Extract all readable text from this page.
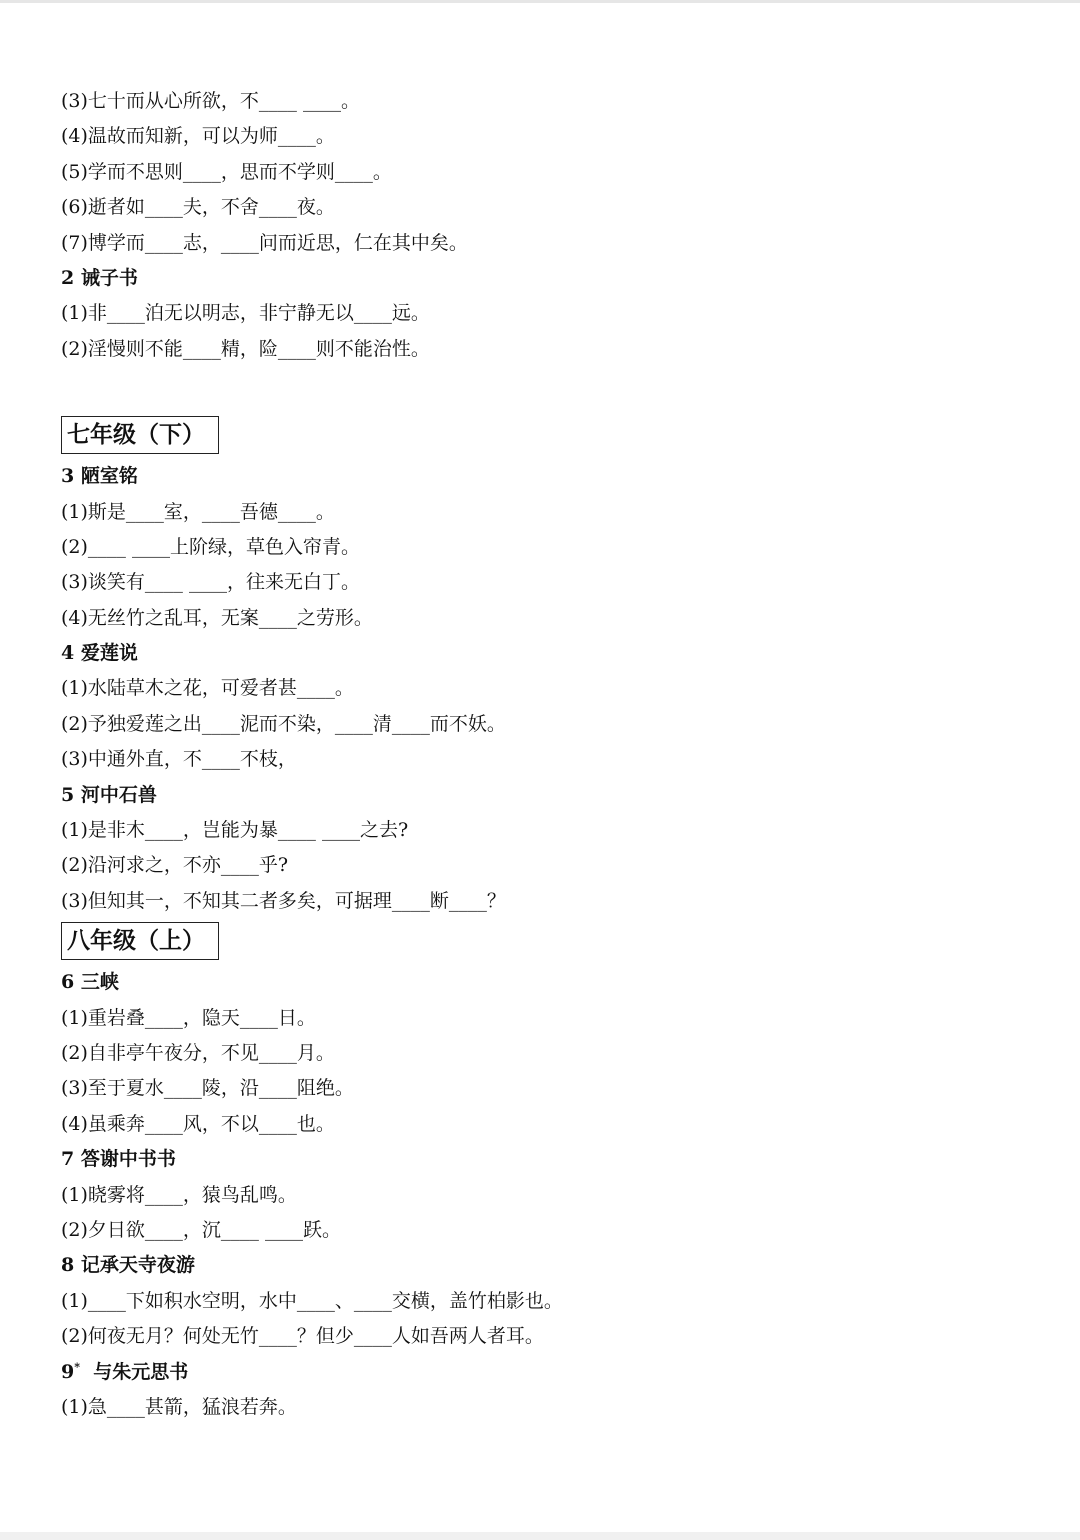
(3)七十而从心所欲，不____ ____。
(4)温故而知新，可以为师____。
(5)学而不思则____，思而不学则____。
(6)逝者如____夫，不舍____夜。
(7)博学而____志，____问而近思，仁在其中矣。
2 诫子书
(1)非____泊无以明志，非宁静无以____远。
(2)淫慢则不能____精，险____则不能治性。
七年级（下）
3 陋室铭
(1)斯是____室，____吾德____。
(2)____ ____上阶绿，草色入帘青。
(3)谈笑有____ ____，往来无白丁。
(4)无丝竹之乱耳，无案____之劳形。
4 爱莲说
(1)水陆草木之花，可爱者甚____。
(2)予独爱莲之出____泥而不染，____清____而不妖。
(3)中通外直，不____不枝，
5 河中石兽
(1)是非木____，岂能为暴____ ____之去?
(2)沿河求之，不亦____乎?
(3)但知其一，不知其二者多矣，可据理____断____？
八年级（上）
6 三峡
(1)重岩叠____，隐天____日。
(2)自非亭午夜分，不见____月。
(3)至于夏水____陵，沿____阻绝。
(4)虽乘奔____风，不以____也。
7 答谢中书书
(1)晓雾将____，猿鸟乱鸣。
(2)夕日欲____，沉____ ____跃。
8 记承天寺夜游
(1)____下如积水空明，水中____、____交横，盖竹柏影也。
(2)何夜无月？何处无竹____？但少____人如吾两人者耳。
9* 与朱元思书
(1)急____甚箭，猛浪若奔。
